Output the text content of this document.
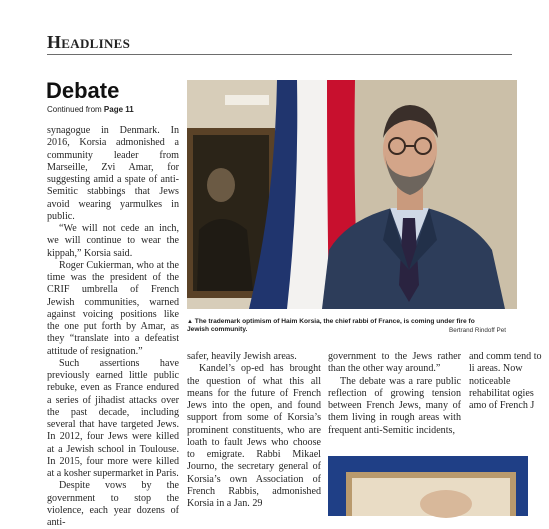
Headlines
Debate
Continued from Page 11

synagogue in Denmark. In 2016, Korsia admonished a community leader from Marseille, Zvi Amar, for suggesting amid a spate of anti-Semitic stabbings that Jews avoid wearing yarmulkes in public.

“We will not cede an inch, we will continue to wear the kippah,” Korsia said.

Roger Cukierman, who at the time was the president of the CRIF umbrella of French Jewish communities, warned against voicing positions like the one put forth by Amar, as they “translate into a defeatist attitude of resignation.”

Such assertions have previously earned little public rebuke, even as France endured a series of jihadist attacks over the past decade, including several that have targeted Jews. In 2012, four Jews were killed at a Jewish school in Toulouse. In 2015, four more were killed at a kosher supermarket in Paris.

Despite vows by the government to stop the violence, each year dozens of anti-

▲ The trademark optimism of Haim Korsia, the chief rabbi of France, is coming under fire fo
Jewish community.	Bertrand Rindoff Pet

safer, heavily Jewish areas.

Kandel’s op-ed has brought the question of what this all means for the future of French Jews into the open, and found support from some of Korsia’s prominent constituents, who are loath to fault Jews who choose to emigrate. Rabbi Mikael Journo, the secretary general of Korsia’s own Association of French Rabbis, admonished Korsia in a Jan. 29

government to the Jews rather than the other way around.”

The debate was a rare public reflection of growing tension between French Jews, many of them living in rough areas with frequent anti-Semitic incidents,

and comm tend to li areas. Now noticeable rehabilitat ogies amo of French J
